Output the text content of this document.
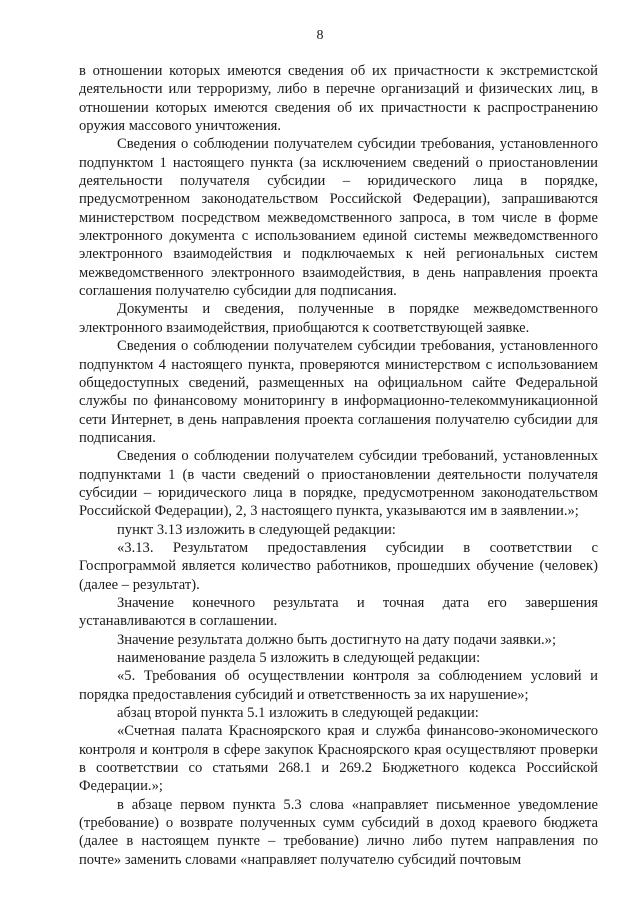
8

в отношении которых имеются сведения об их причастности к экстремистской деятельности или терроризму, либо в перечне организаций и физических лиц, в отношении которых имеются сведения об их причастности к распространению оружия массового уничтожения.

Сведения о соблюдении получателем субсидии требования, установленного подпунктом 1 настоящего пункта (за исключением сведений о приостановлении деятельности получателя субсидии – юридического лица в порядке, предусмотренном законодательством Российской Федерации), запрашиваются министерством посредством межведомственного запроса, в том числе в форме электронного документа с использованием единой системы межведомственного электронного взаимодействия и подключаемых к ней региональных систем межведомственного электронного взаимодействия, в день направления проекта соглашения получателю субсидии для подписания.

Документы и сведения, полученные в порядке межведомственного электронного взаимодействия, приобщаются к соответствующей заявке.

Сведения о соблюдении получателем субсидии требования, установленного подпунктом 4 настоящего пункта, проверяются министерством с использованием общедоступных сведений, размещенных на официальном сайте Федеральной службы по финансовому мониторингу в информационно-телекоммуникационной сети Интернет, в день направления проекта соглашения получателю субсидии для подписания.

Сведения о соблюдении получателем субсидии требований, установленных подпунктами 1 (в части сведений о приостановлении деятельности получателя субсидии – юридического лица в порядке, предусмотренном законодательством Российской Федерации), 2, 3 настоящего пункта, указываются им в заявлении.»;

пункт 3.13 изложить в следующей редакции:

«3.13. Результатом предоставления субсидии в соответствии с Госпрограммой является количество работников, прошедших обучение (человек) (далее – результат).

Значение конечного результата и точная дата его завершения устанавливаются в соглашении.

Значение результата должно быть достигнуто на дату подачи заявки.»;

наименование раздела 5 изложить в следующей редакции:

«5. Требования об осуществлении контроля за соблюдением условий и порядка предоставления субсидий и ответственность за их нарушение»;

абзац второй пункта 5.1 изложить в следующей редакции:

«Счетная палата Красноярского края и служба финансово-экономического контроля и контроля в сфере закупок Красноярского края осуществляют проверки в соответствии со статьями 268.1 и 269.2 Бюджетного кодекса Российской Федерации.»;

в абзаце первом пункта 5.3 слова «направляет письменное уведомление (требование) о возврате полученных сумм субсидий в доход краевого бюджета (далее в настоящем пункте – требование) лично либо путем направления по почте» заменить словами «направляет получателю субсидий почтовым
